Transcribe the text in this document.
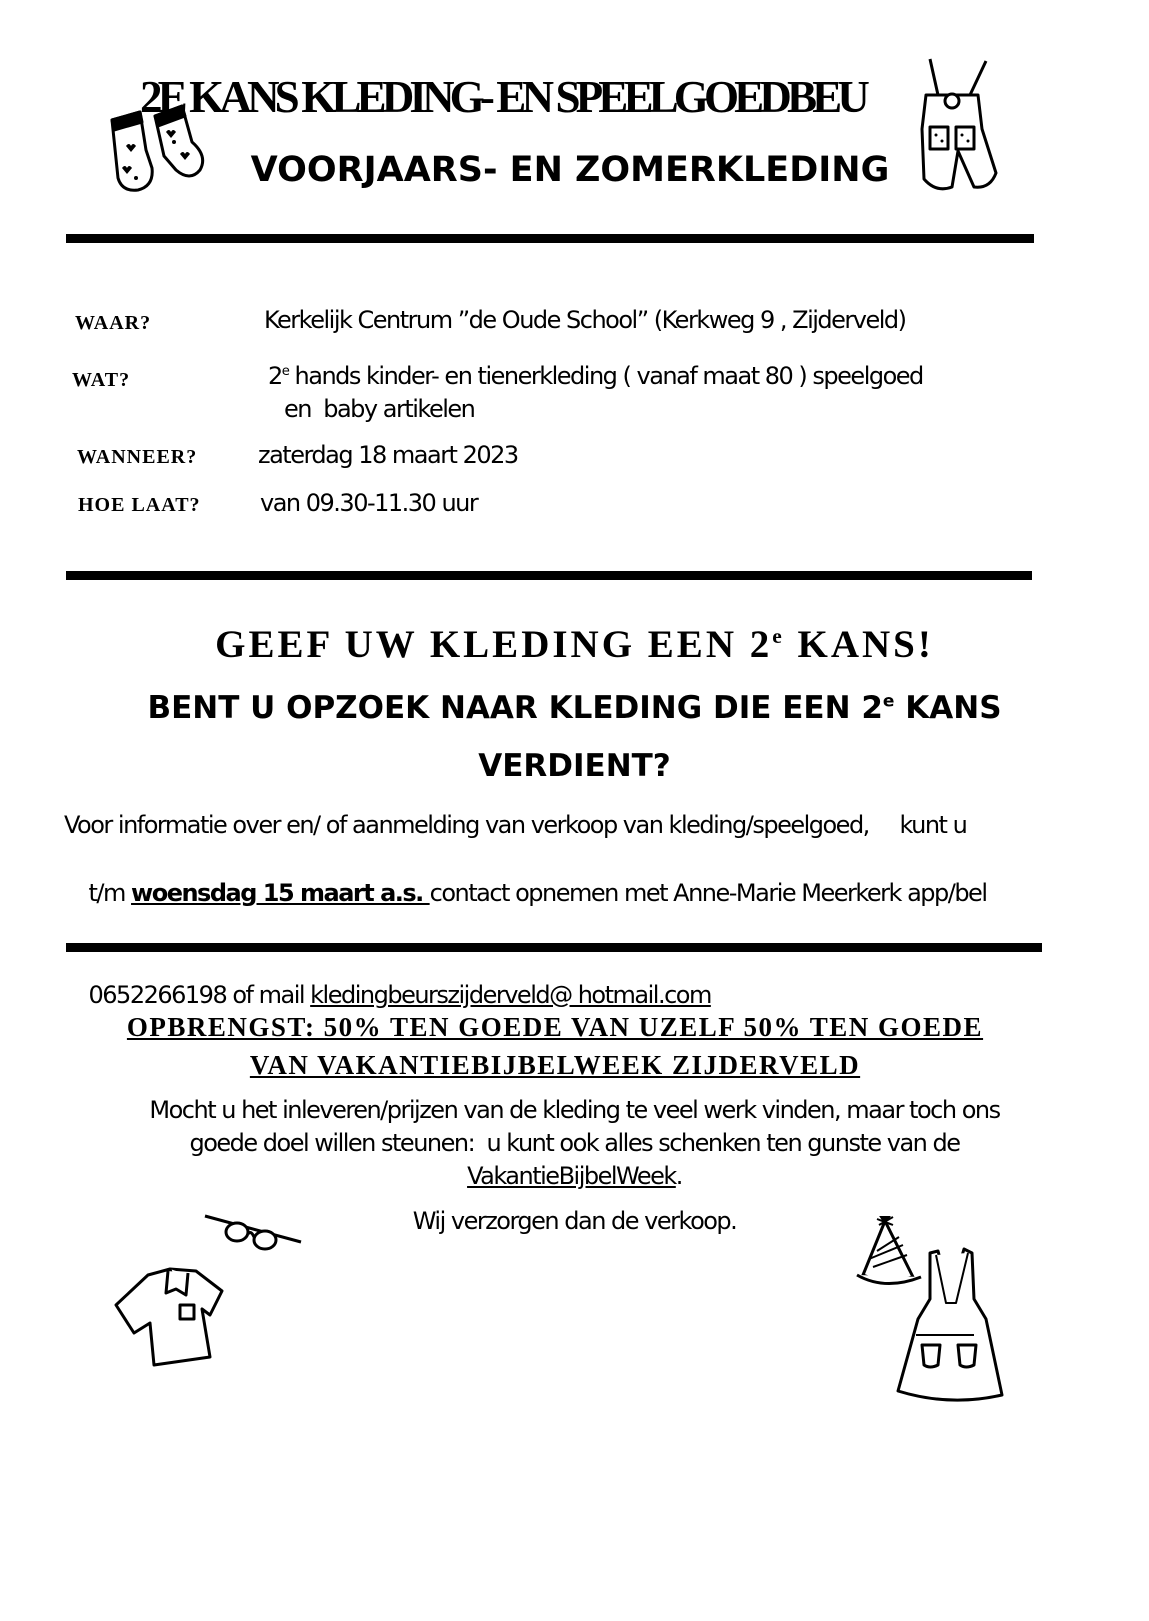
2E KANS KLEDING- EN SPEELGOEDBEU
VOORJAARS- EN ZOMERKLEDING
WAAR?	Kerkelijk Centrum ”de Oude School” (Kerkweg 9 , Zijderveld)
WAT?	2e hands kinder- en tienerkleding ( vanaf maat 80 ) speelgoed
en  baby artikelen
WANNEER?	zaterdag 18 maart 2023
HOE LAAT? van 09.30-11.30 uur
GEEF UW KLEDING EEN 2e KANS!
BENT U OPZOEK NAAR KLEDING DIE EEN 2e KANS
VERDIENT?
Voor informatie over en/ of aanmelding van verkoop van kleding/speelgoed,     kunt u

t/m woensdag 15 maart a.s. contact opnemen met Anne-Marie Meerkerk app/bel

0652266198 of mail kledingbeurszijderveld@ hotmail.com

OPBRENGST: 50% TEN GOEDE VAN UZELF 50% TEN GOEDE
VAN VAKANTIEBIJBELWEEK ZIJDERVELD
Mocht u het inleveren/prijzen van de kleding te veel werk vinden, maar toch ons
goede doel willen steunen:  u kunt ook alles schenken ten gunste van de
VakantieBijbelWeek.
Wij verzorgen dan de verkoop.
